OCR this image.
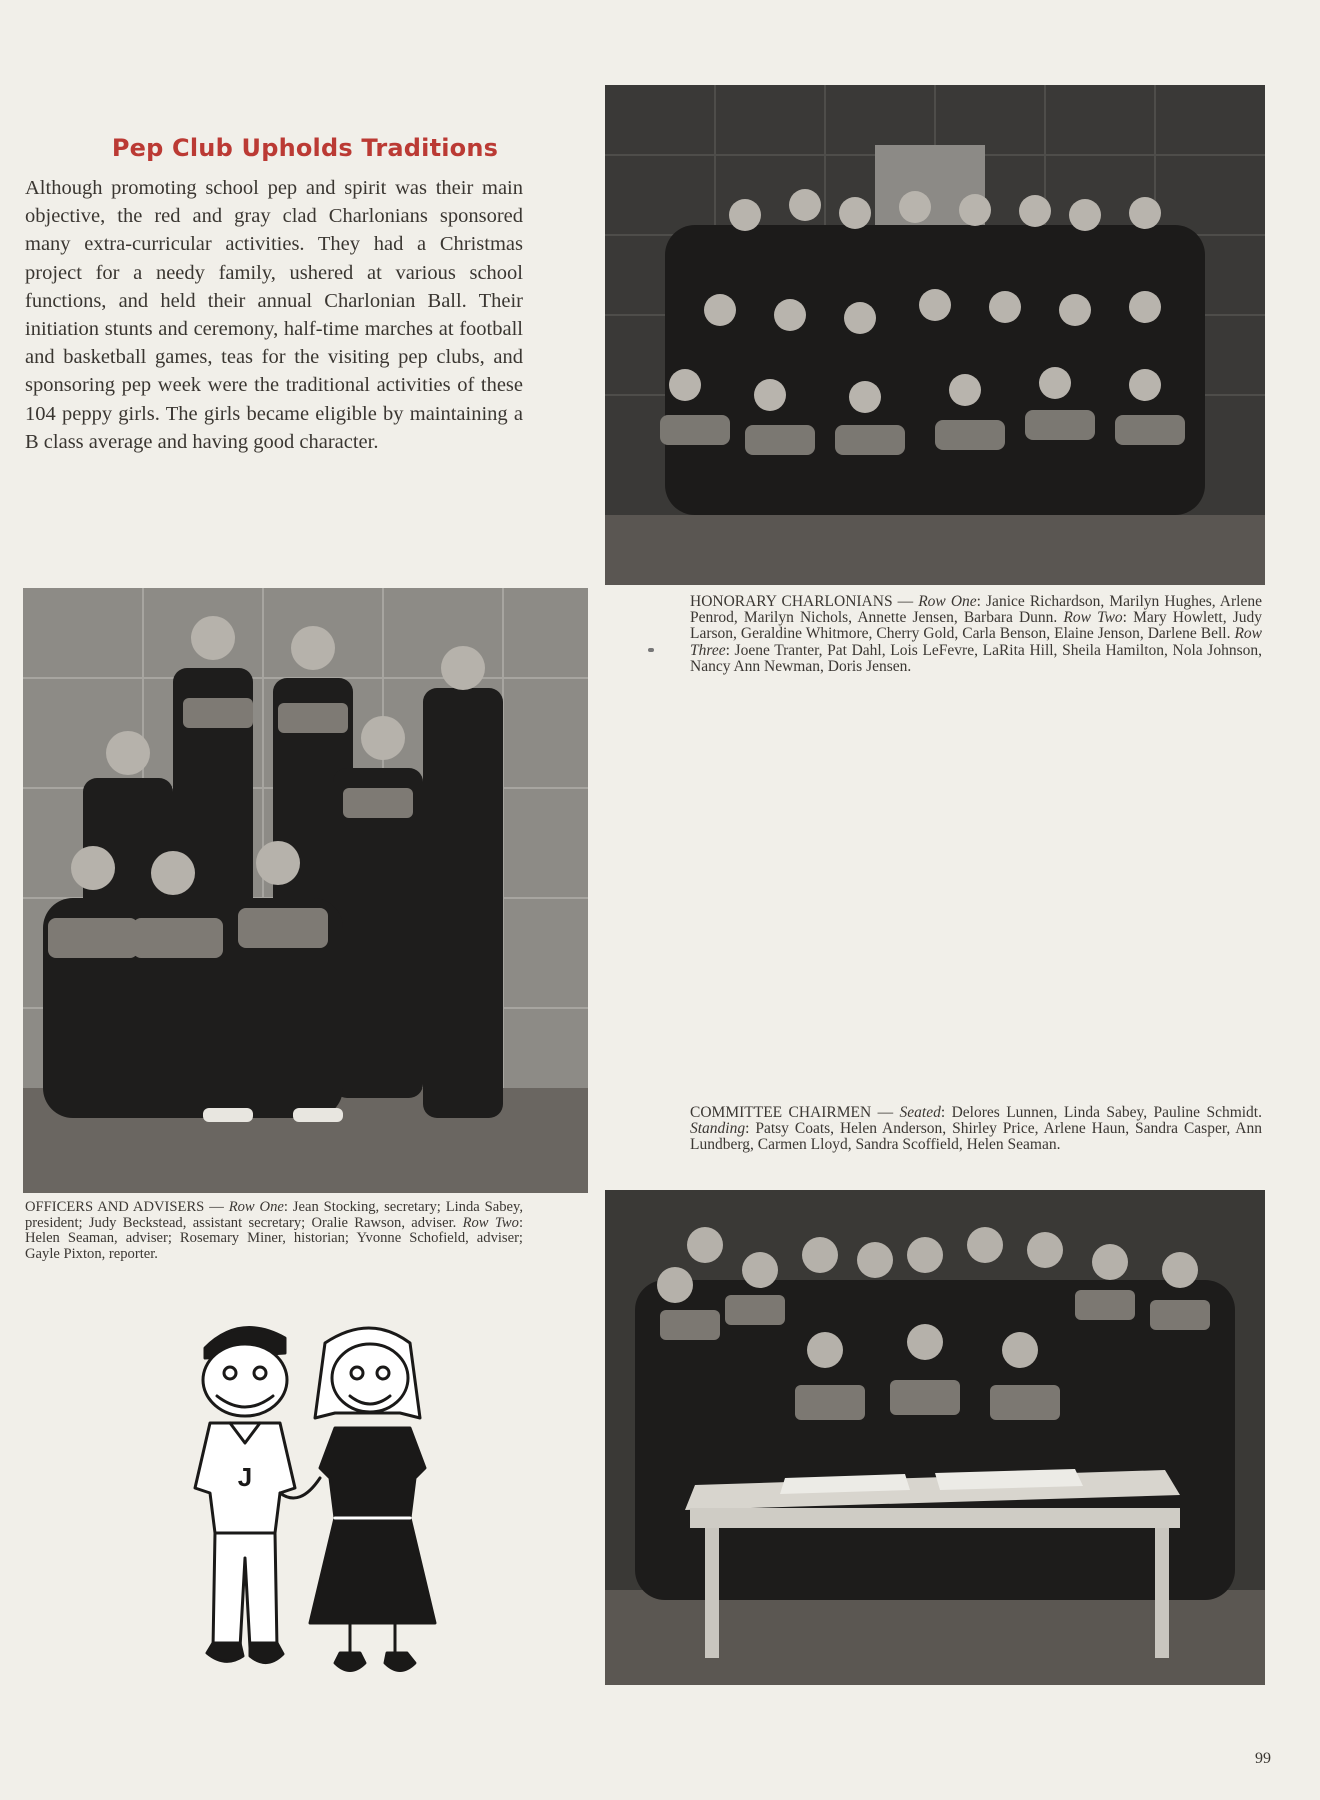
Pep Club Upholds Traditions

Although promoting school pep and spirit was their main objective, the red and gray clad Charlonians sponsored many extra-curricular activities. They had a Christmas project for a needy family, ushered at various school functions, and held their annual Charlonian Ball. Their initiation stunts and ceremony, half-time marches at football and basketball games, teas for the visiting pep clubs, and sponsoring pep week were the traditional activities of these 104 peppy girls. The girls became eligible by maintaining a B class average and having good character.

HONORARY CHARLONIANS — Row One: Janice Richardson, Marilyn Hughes, Arlene Penrod, Marilyn Nichols, Annette Jensen, Barbara Dunn. Row Two: Mary Howlett, Judy Larson, Geraldine Whitmore, Cherry Gold, Carla Benson, Elaine Jenson, Darlene Bell. Row Three: Joene Tranter, Pat Dahl, Lois LeFevre, LaRita Hill, Sheila Hamilton, Nola Johnson, Nancy Ann Newman, Doris Jensen.
OFFICERS AND ADVISERS — Row One: Jean Stocking, secretary; Linda Sabey, president; Judy Beckstead, assistant secretary; Oralie Rawson, adviser. Row Two: Helen Seaman, adviser; Rosemary Miner, historian; Yvonne Schofield, adviser; Gayle Pixton, reporter.
COMMITTEE CHAIRMEN — Seated: Delores Lunnen, Linda Sabey, Pauline Schmidt. Standing: Patsy Coats, Helen Anderson, Shirley Price, Arlene Haun, Sandra Casper, Ann Lundberg, Carmen Lloyd, Sandra Scoffield, Helen Seaman.
J
99
